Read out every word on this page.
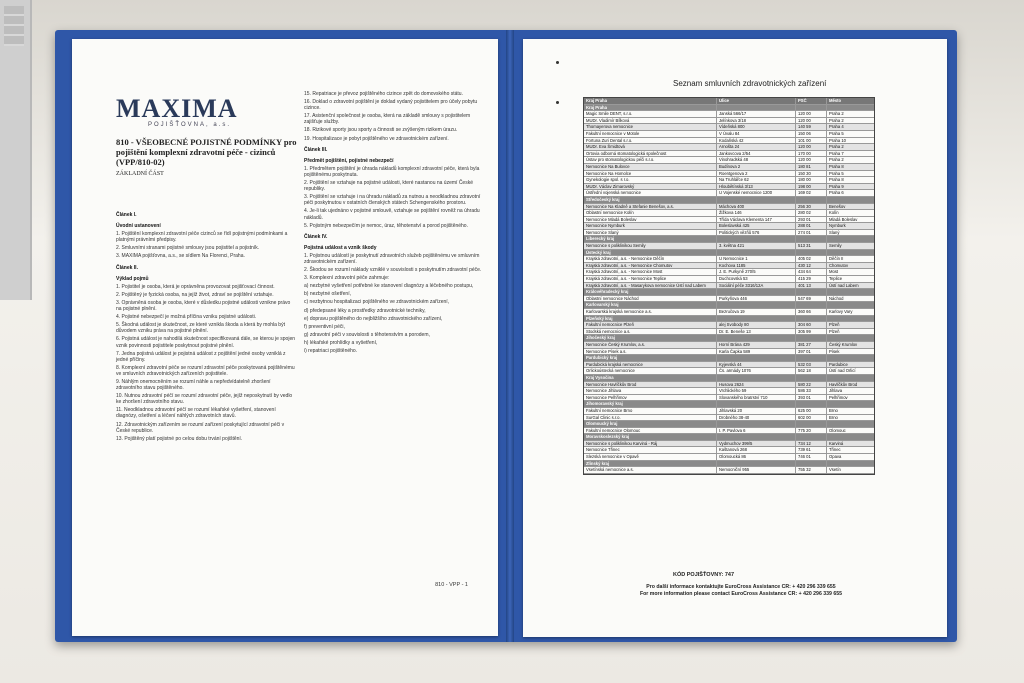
MAXIMA
POJIŠŤOVNA, a.s.
810 - VŠEOBECNÉ POJISTNÉ PODMÍNKY pro pojištění komplexní zdravotní péče - cizinců (VPP/810-02)
ZÁKLADNÍ ČÁST

Článek I.

Úvodní ustanovení

1. Pojištění komplexní zdravotní péče cizinců se řídí pojistnými podmínkami a platnými právními předpisy.

2. Smluvními stranami pojistné smlouvy jsou pojistitel a pojistník.

3. MAXIMA pojišťovna, a.s., se sídlem Na Florenci, Praha.

Článek II.

Výklad pojmů

1. Pojistitel je osoba, která je oprávněna provozovat pojišťovací činnost.

2. Pojištěný je fyzická osoba, na jejíž život, zdraví se pojištění vztahuje.

3. Oprávněná osoba je osoba, které v důsledku pojistné události vznikne právo na pojistné plnění.

4. Pojistné nebezpečí je možná příčina vzniku pojistné události.

5. Škodná událost je skutečnost, ze které vznikla škoda a která by mohla být důvodem vzniku práva na pojistné plnění.

6. Pojistná událost je nahodilá skutečnost specifikovaná dále, se kterou je spojen vznik povinnosti pojistitele poskytnout pojistné plnění.

7. Jedna pojistná událost je pojistná událost z pojištění jedné osoby vzniklá z jedné příčiny.

8. Komplexní zdravotní péče se rozumí zdravotní péče poskytovaná pojištěnému ve smluvních zdravotnických zařízeních pojistitele.

9. Náhlým onemocněním se rozumí náhle a nepředvídatelně zhoršení zdravotního stavu pojištěného.

10. Nutnou zdravotní péčí se rozumí zdravotní péče, jejíž neposkytnutí by vedlo ke zhoršení zdravotního stavu.

11. Neodkladnou zdravotní péčí se rozumí lékařské vyšetření, stanovení diagnózy, ošetření a léčení náhlých zdravotních stavů.

12. Zdravotnickým zařízením se rozumí zařízení poskytující zdravotní péči v České republice.

13. Pojištěný platí pojistné po celou dobu trvání pojištění.

15. Repatriace je převoz pojištěného cizince zpět do domovského státu.

16. Doklad o zdravotní pojištění je doklad vydaný pojistitelem pro účely pobytu cizince.

17. Asistenční společnost je osoba, která na základě smlouvy s pojistitelem zajišťuje služby.

18. Rizikové sporty jsou sporty a činnosti se zvýšeným rizikem úrazu.

19. Hospitalizace je pobyt pojištěného ve zdravotnickém zařízení.

Článek III.

Předmět pojištění, pojistné nebezpečí

1. Předmětem pojištění je úhrada nákladů komplexní zdravotní péče, která byla pojištěnému poskytnuta.

2. Pojištění se vztahuje na pojistné události, které nastanou na území České republiky.

3. Pojištění se vztahuje i na úhradu nákladů za nutnou a neodkladnou zdravotní péči poskytnutou v ostatních členských státech Schengenského prostoru.

4. Je-li tak ujednáno v pojistné smlouvě, vztahuje se pojištění rovněž na úhradu nákladů.

5. Pojistným nebezpečím je nemoc, úraz, těhotenství a porod pojištěného.

Článek IV.

Pojistná událost a vznik škody

1. Pojistnou událostí je poskytnutí zdravotních služeb pojištěnému ve smluvním zdravotnickém zařízení.

2. Škodou se rozumí náklady vzniklé v souvislosti s poskytnutím zdravotní péče.

3. Komplexní zdravotní péče zahrnuje:

a) nezbytné vyšetření potřebné ke stanovení diagnózy a léčebného postupu,

b) nezbytné ošetření,

c) nezbytnou hospitalizaci pojištěného ve zdravotnickém zařízení,

d) předepsané léky a prostředky zdravotnické techniky,

e) dopravu pojištěného do nejbližšího zdravotnického zařízení,

f) preventivní péči,

g) zdravotní péči v souvislosti s těhotenstvím a porodem,

h) lékařské prohlídky a vyšetření,

i) repatriaci pojištěného.

810 - VPP - 1
Seznam smluvních zdravotnických zařízení
Kraj Praha	Ulice	PSČ	Město
Kraj Praha
Magic Smile DENT, s.r.o.	Janská 566/17	120 00	Praha 2
MUDr. Vladimír Bílková	Jelínkova 3/18	120 00	Praha 2
Thomayerova nemocnice	Vídeňská 800	140 59	Praha 4
Fakultní nemocnice v Motole	V Úvalu 84	150 06	Praha 5
Fortuna Zuri Dental s.r.o.	Kodaňská 42	101 00	Praha 10
MUDr. Eva Šmidtová	Arnošta 24	120 00	Praha 2
Ortovia odborná stomatologická společnost	Jankovcova 2/54	170 00	Praha 7
Ústav pro stomatologickou péči s.r.o.	Vinohradská 48	120 00	Praha 2
Nemocnice Na Bulovce	Budínova 2	180 81	Praha 8
Nemocnice Na Homolce	Roentgenova 2	150 30	Praha 5
Gynekologie spol. s r.o.	Na Truhlářce 62	180 00	Praha 8
MUDr. Václav Zimarovský	Hloubětínská 3/13	198 00	Praha 9
Ústřední vojenská nemocnice	U Vojenské nemocnice 1200	169 02	Praha 6
Středočeský kraj
Nemocnice Na Kladně a Stefanie Benešov, a.s.	Máchova 400	256 30	Benešov
Oblastní nemocnice Kolín	Žižkova 146	280 02	Kolín
Nemocnice Mladá Boleslav	Třída Václava Klementa 147	293 01	Mladá Boleslav
Nemocnice Nymburk	Boleslavská 425	288 01	Nymburk
Nemocnice Slaný	Politických vězňů 576	274 01	Slaný
Liberecký kraj
Nemocnice s poliklinikou Semily	3. května 421	513 31	Semily
Ústecký kraj
Krajská zdravotní, a.s. - Nemocnice Děčín	U Nemocnice 1	405 02	Děčín II
Krajská zdravotní, a.s. - Nemocnice Chomutov	Kochova 1185	430 12	Chomutov
Krajská zdravotní, a.s. - Nemocnice Most	J. E. Purkyně 270/5	434 64	Most
Krajská zdravotní, a.s. - Nemocnice Teplice	Duchcovská 53	415 29	Teplice
Krajská zdravotní, a.s. - Masarykova nemocnice Ústí nad Labem	Sociální péče 3316/12A	401 13	Ústí nad Labem
Královéhradecký kraj
Oblastní nemocnice Náchod	Purkyňova 446	547 69	Náchod
Karlovarský kraj
Karlovarská krajská nemocnice a.s.	Bezručova 19	360 66	Karlovy Vary
Plzeňský kraj
Fakultní nemocnice Plzeň	alej Svobody 80	304 60	Plzeň
Stodská nemocnice a.s.	Dr. E. Beneše 13	305 99	Plzeň
Jihočeský kraj
Nemocnice Český Krumlov, a.s.	Horní Brána 429	381 27	Český Krumlov
Nemocnice Písek a.s.	Karla Čapka 589	397 01	Písek
Pardubický kraj
Pardubická krajská nemocnice	Kyjevská 44	532 03	Pardubice
Orlickoústecká nemocnice	Čs. armády 1076	562 18	Ústí nad Orlicí
Kraj Vysočina
Nemocnice Havlíčkův Brod	Husova 2624	580 22	Havlíčkův Brod
Nemocnice Jihlava	Vrchlického 59	586 33	Jihlava
Nemocnice Pelhřimov	Slovanského bratrství 710	393 01	Pelhřimov
Jihomoravský kraj
Fakultní nemocnice Brno	Jihlavská 20	625 00	Brno
SurGal Clinic s.r.o.	Drobného 38-40	602 00	Brno
Olomoucký kraj
Fakultní nemocnice Olomouc	I. P. Pavlova 6	775 20	Olomouc
Moravskoslezský kraj
Nemocnice s poliklinikou Karviná - Ráj	Vydmuchov 399/5	734 12	Karviná
Nemocnice Třinec	Kaštanová 268	739 61	Třinec
Slezská nemocnice v Opavě	Olomoucká 86	746 01	Opava
Zlínský kraj
Vsetínská nemocnice a.s.	Nemocniční 955	755 32	Vsetín
KÓD POJIŠŤOVNY: 747
Pro další informace kontaktujte EuroCross Assistance CR: + 420 296 339 655
For more information please contact EuroCross Assistance CR: + 420 296 339 655
